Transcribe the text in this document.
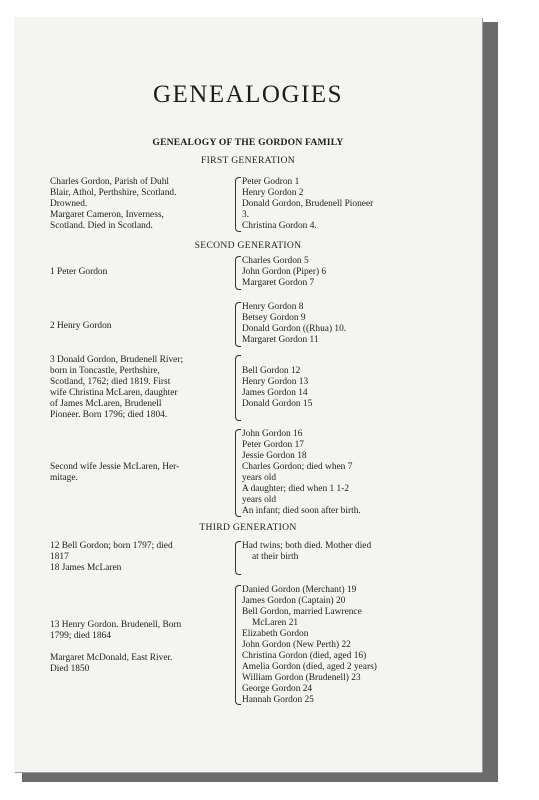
GENEALOGIES
GENEALOGY OF THE GORDON FAMILY
FIRST GENERATION
Charles Gordon, Parish of Duhl
Blair, Athol, Perthshire, Scotland.
Drowned.
Margaret Cameron, Inverness,
Scotland. Died in Scotland.
Peter Godron 1
Henry Gordon 2
Donald Gordon, Brudenell Pioneer
3.
Christina Gordon 4.
SECOND GENERATION
1 Peter Gordon
Charles Gordon 5
John Gordon (Piper) 6
Margaret Gordon 7
2 Henry Gordon
Henry Gordon 8
Betsey Gordon 9
Donald Gordon ((Rhua) 10.
Margaret Gordon 11
3 Donald Gordon, Brudenell River;
born in Toncastle, Perthshire,
Scotland, 1762; died 1819. First
wife Christina McLaren, daughter
of James McLaren, Brudenell
Pioneer. Born 1796; died 1804.
Bell Gordon 12
Henry Gordon 13
James Gordon 14
Donald Gordon 15
Second wife Jessie McLaren, Her-
mitage.
John Gordon 16
Peter Gordon 17
Jessie Gordon 18
Charles Gordon; died when 7
years old
A daughter; died when 1 1-2
years old
An infant; died soon after birth.
THIRD GENERATION
12 Bell Gordon; born 1797; died
1817
18 James McLaren
Had twins; both died. Mother died
at their birth
13 Henry Gordon. Brudenell, Born
1799; died 1864
Margaret McDonald, East River.
Died 1850
Danied Gordon (Merchant) 19
James Gordon (Captain) 20
Bell Gordon, married Lawrence
McLaren 21
Elizabeth Gordon
John Gordon (New Perth) 22
Christina Gordon (died, aged 16)
Amelia Gordon (died, aged 2 years)
William Gordon (Brudenell) 23
George Gordon 24
Hannah Gordon 25
